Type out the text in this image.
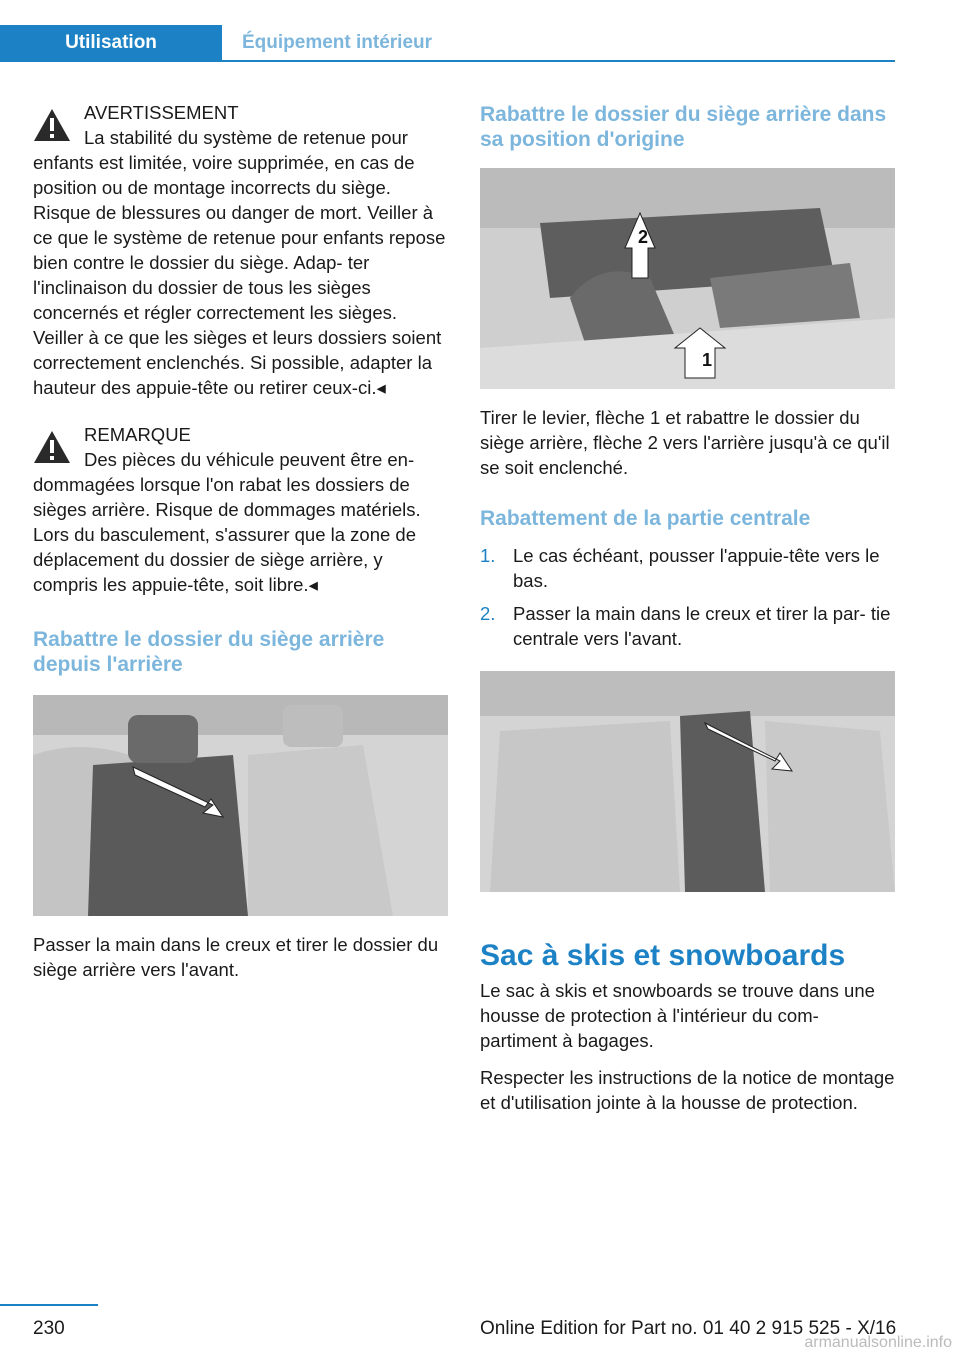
Utilisation	Équipement intérieur
AVERTISSEMENT
La stabilité du système de retenue pour

enfants est limitée, voire supprimée, en cas de position ou de montage incorrects du siège. Risque de blessures ou danger de mort. Veiller à ce que le système de retenue pour enfants repose bien contre le dossier du siège. Adap- ter l'inclinaison du dossier de tous les sièges concernés et régler correctement les sièges. Veiller à ce que les sièges et leurs dossiers soient correctement enclenchés. Si possible, adapter la hauteur des appuie-tête ou retirer ceux-ci.◂

REMARQUE
Des pièces du véhicule peuvent être en-

dommagées lorsque l'on rabat les dossiers de sièges arrière. Risque de dommages matériels. Lors du basculement, s'assurer que la zone de déplacement du dossier de siège arrière, y compris les appuie-tête, soit libre.◂

Rabattre le dossier du siège arrière depuis l'arrière

Passer la main dans le creux et tirer le dossier du siège arrière vers l'avant.

Rabattre le dossier du siège arrière dans sa position d'origine
2
1

Tirer le levier, flèche 1 et rabattre le dossier du siège arrière, flèche 2 vers l'arrière jusqu'à ce qu'il se soit enclenché.

Rabattement de la partie centrale
1. Le cas échéant, pousser l'appuie-tête vers le bas.
2. Passer la main dans le creux et tirer la par- tie centrale vers l'avant.
Sac à skis et snowboards

Le sac à skis et snowboards se trouve dans une housse de protection à l'intérieur du com- partiment à bagages.

Respecter les instructions de la notice de montage et d'utilisation jointe à la housse de protection.

230	Online Edition for Part no. 01 40 2 915 525 - X/16
armanualsonline.info
